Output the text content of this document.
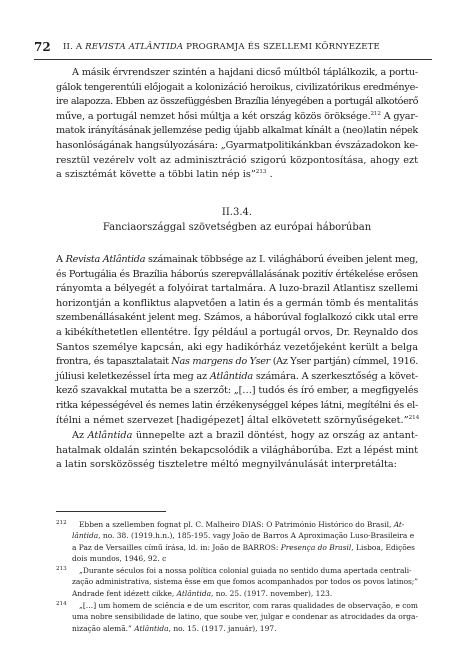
72 II. A REVISTA ATLÂNTIDA PROGRAMJA ÉS SZELLEMI KÖRNYEZETE
A másik érvrendszer szintén a hajdani dicső múltból táplálkozik, a portu-
gálok tengerentúli előjogait a kolonizáció heroikus, civilizatórikus eredménye-
ire alapozza. Ebben az összefüggésben Brazília lényegében a portugál alkotóerő
műve, a portugál nemzet hősi múltja a két ország közös öröksége.$^{212}$ A gyar-
matok irányításának jellemzése pedig újabb alkalmat kínált a (neo)latin népek
hasonlóságának hangsúlyozására: „Gyarmatpolitikánkban évszázadokon ke-
resztül vezérelv volt az adminisztráció szigorú központosítása, ahogy ezt
a szisztémát követte a többi latin nép is”$^{213}$ .
II.3.4.
Fanciaországgal szövetségben az európai háborúban
A Revista Atlântida számainak többsége az I. világháború éveiben jelent meg,
és Portugália és Brazília háborús szerepvállalásának pozitív értékelése erősen
rányomta a bélyegét a folyóirat tartalmára. A luzo-brazil Atlantisz szellemi
horizontján a konfliktus alapvetően a latin és a germán tömb és mentalitás
szembenállásaként jelent meg. Számos, a háborúval foglalkozó cikk utal erre
a kibékíthetetlen ellentétre. Így például a portugál orvos, Dr. Reynaldo dos
Santos személye kapcsán, aki egy hadikórház vezetőjeként került a belga
frontra, és tapasztalatait Nas margens do Yser (Az Yser partján) címmel, 1916.
júliusi keletkezéssel írta meg az Atlântida számára. A szerkesztőség a követ-
kező szavakkal mutatta be a szerzőt: „[…] tudós és író ember, a megfigyelés
ritka képességével és nemes latin érzékenységgel képes látni, megítélni és el-
ítélni a német szervezet [hadigépezet] által elkövetett szörnyűségeket.”$^{214}$
Az Atlântida ünnepelte azt a brazil döntést, hogy az ország az antant-
hatalmak oldalán szintén bekapcsolódik a világháborúba. Ezt a lépést mint
a latin sorsközösség tiszteletre méltó megnyilvánulását interpretálta:
212	Ebben a szellemben fognat pl. C. Malheiro DIAS: O Património Histórico do Brasil, At-
lântida, no. 38. (1919.h.n.), 185-195. vagy João de Barros A Aproximação Luso-Brasileira e
a Paz de Versailles című írása, ld. in: João de BARROS: Presença do Brasil, Lisboa, Edições
dois mundos, 1946, 92. c
213	„Durante séculos foi a nossa política colonial guiada no sentido duma apertada centrali-
zação administrativa, sistema êsse em que fomos acompanhados por todos os povos latinos;”
Andrade fent idézett cikke, Atlântida, no. 25. (1917. november), 123.
214	„[…] um homem de sciência e de um escritor, com raras qualidades de observação, e com
uma nobre sensibilidade de latino, que soube ver, julgar e condenar as atrocidades da orga-
nização alemã.” Atlântida, no. 15. (1917. január), 197.
